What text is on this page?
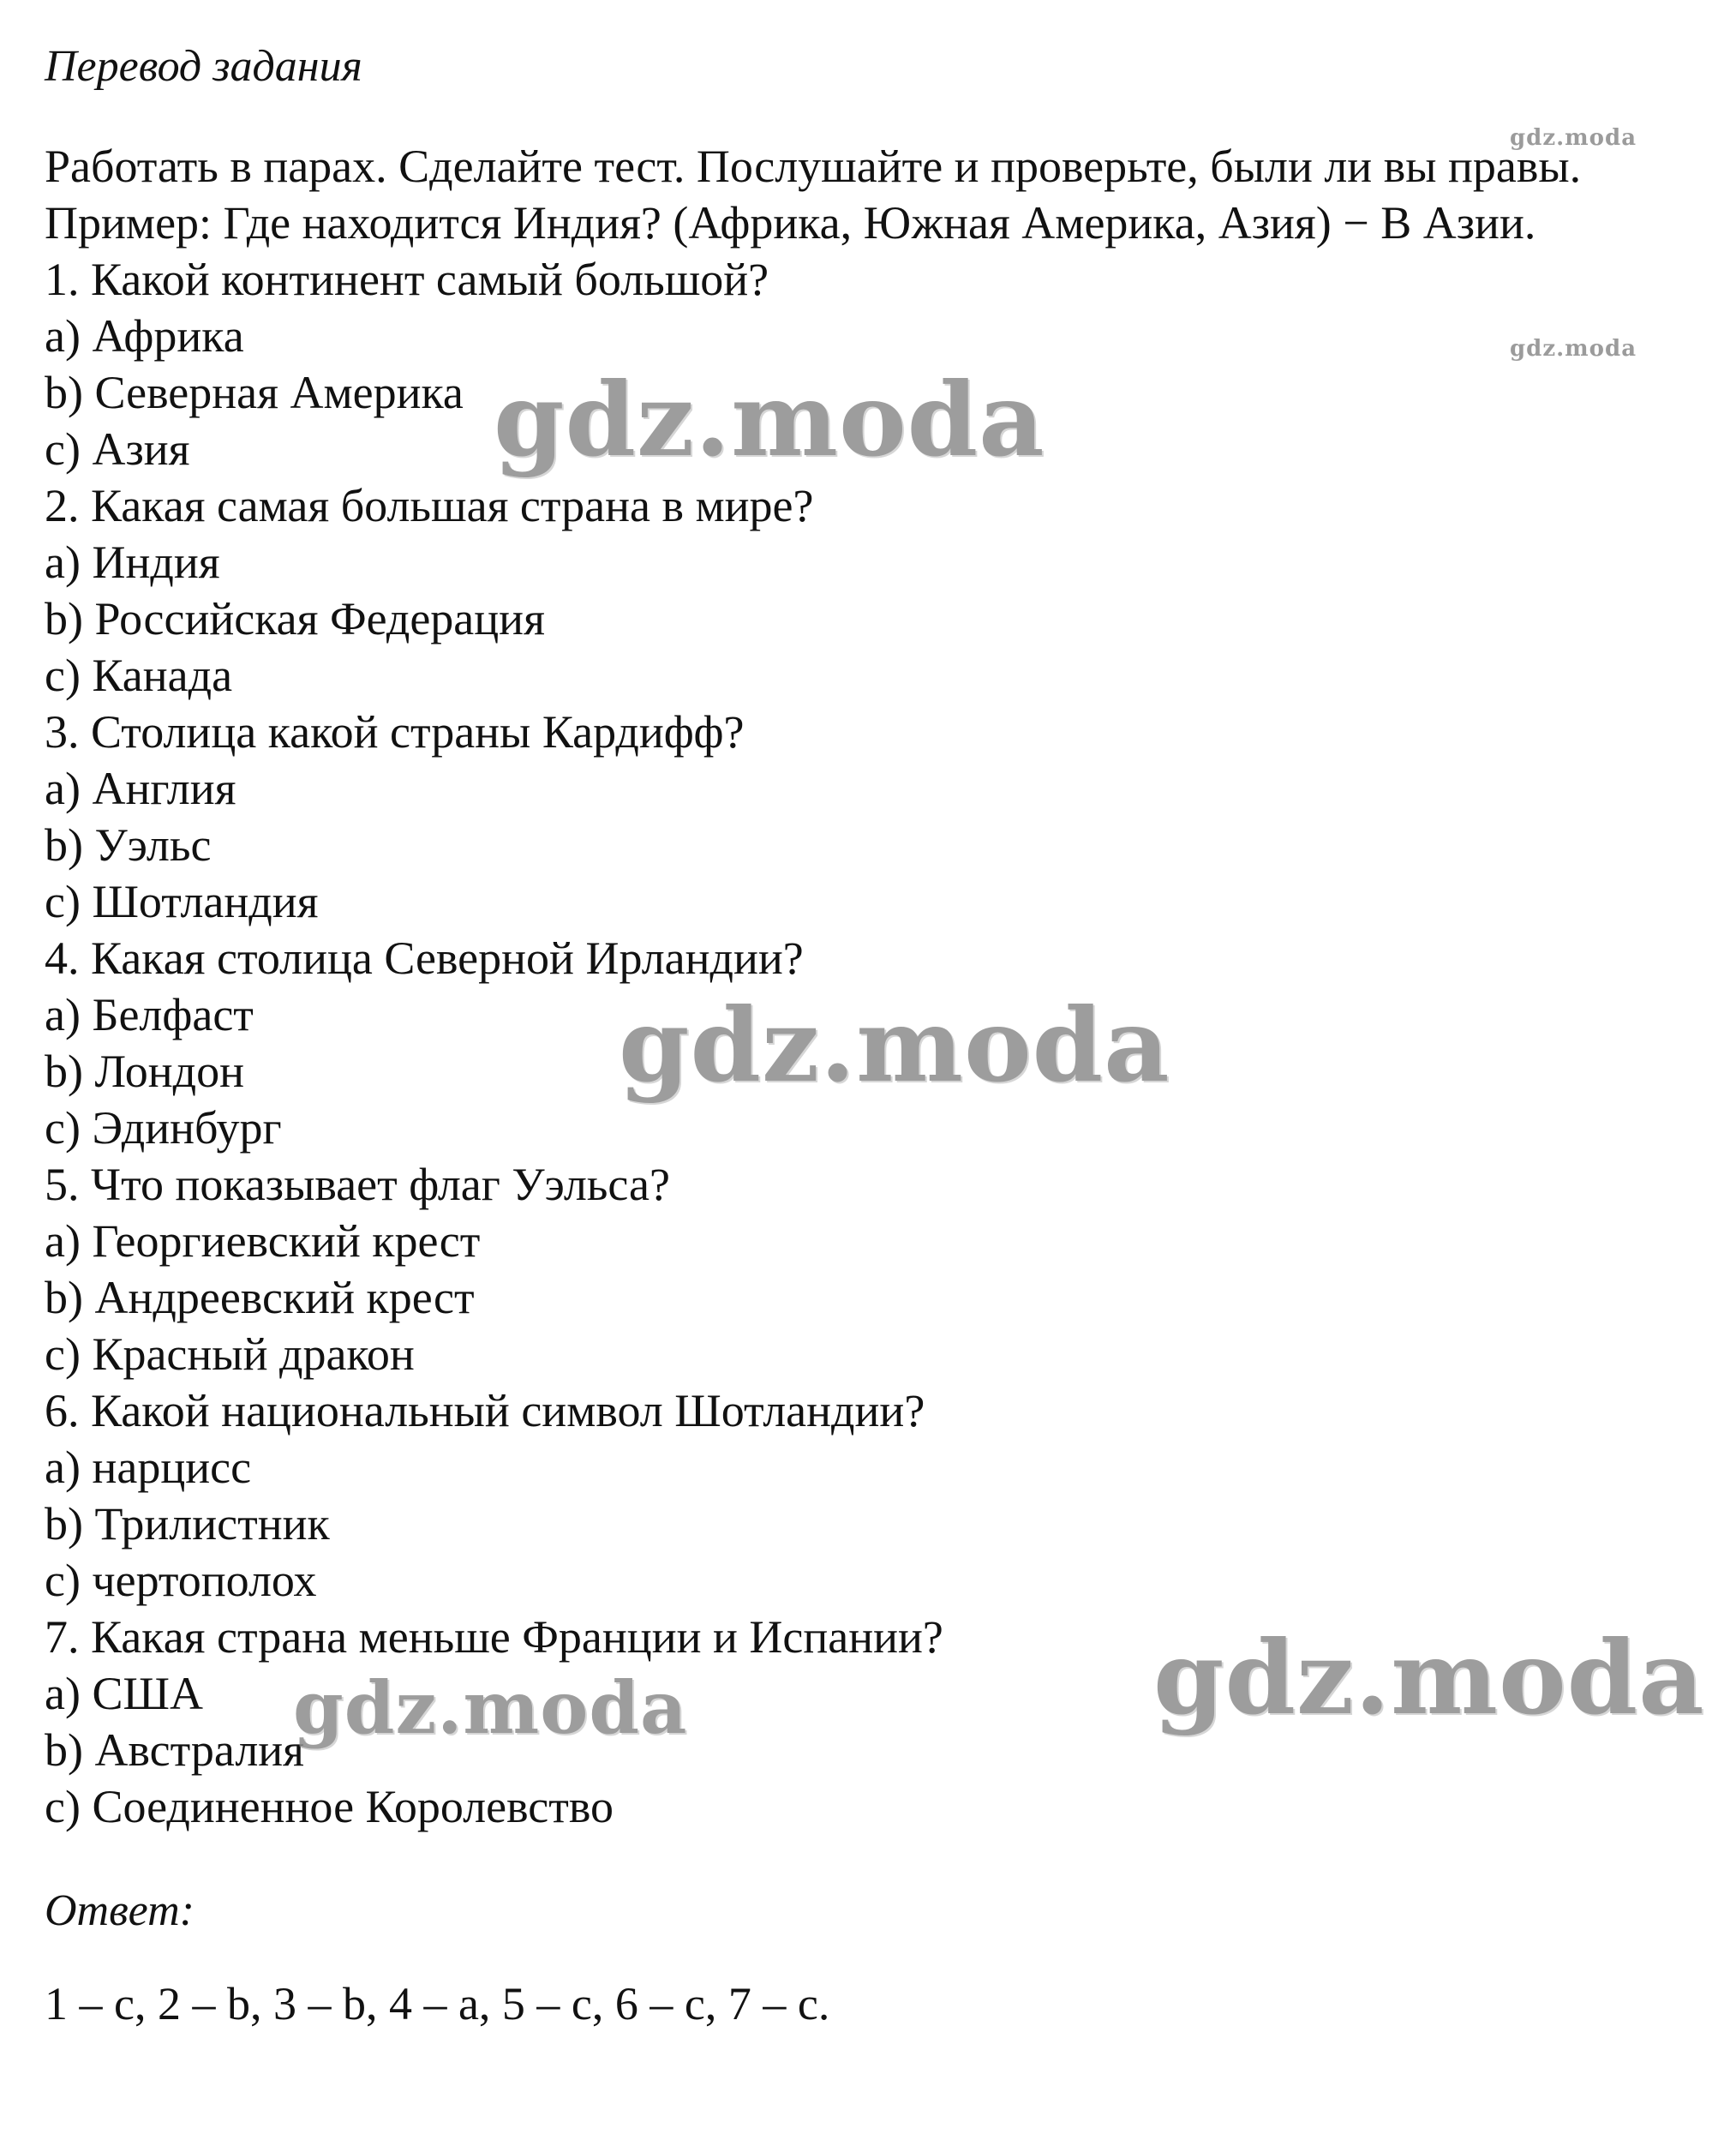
Перевод задания
Работать в парах. Сделайте тест. Послушайте и проверьте, были ли вы правы.
Пример: Где находится Индия? (Африка, Южная Америка, Азия) − В Азии.
1. Какой континент самый большой?
a) Африка
b) Северная Америка
c) Азия
2. Какая самая большая страна в мире?
a) Индия
b) Российская Федерация
c) Канада
3. Столица какой страны Кардифф?
a) Англия
b) Уэльс
c) Шотландия
4. Какая столица Северной Ирландии?
a) Белфаст
b) Лондон
c) Эдинбург
5. Что показывает флаг Уэльса?
a) Георгиевский крест
b) Андреевский крест
c) Красный дракон
6. Какой национальный символ Шотландии?
a) нарцисс
b) Трилистник
c) чертополох
7. Какая страна меньше Франции и Испании?
a) США
b) Австралия
c) Соединенное Королевство
Ответ:
1 – c, 2 – b, 3 – b, 4 – a, 5 – c, 6 – c, 7 – c.
gdz.moda
gdz.moda
gdz.moda
gdz.moda
gdz.moda
gdz.moda
